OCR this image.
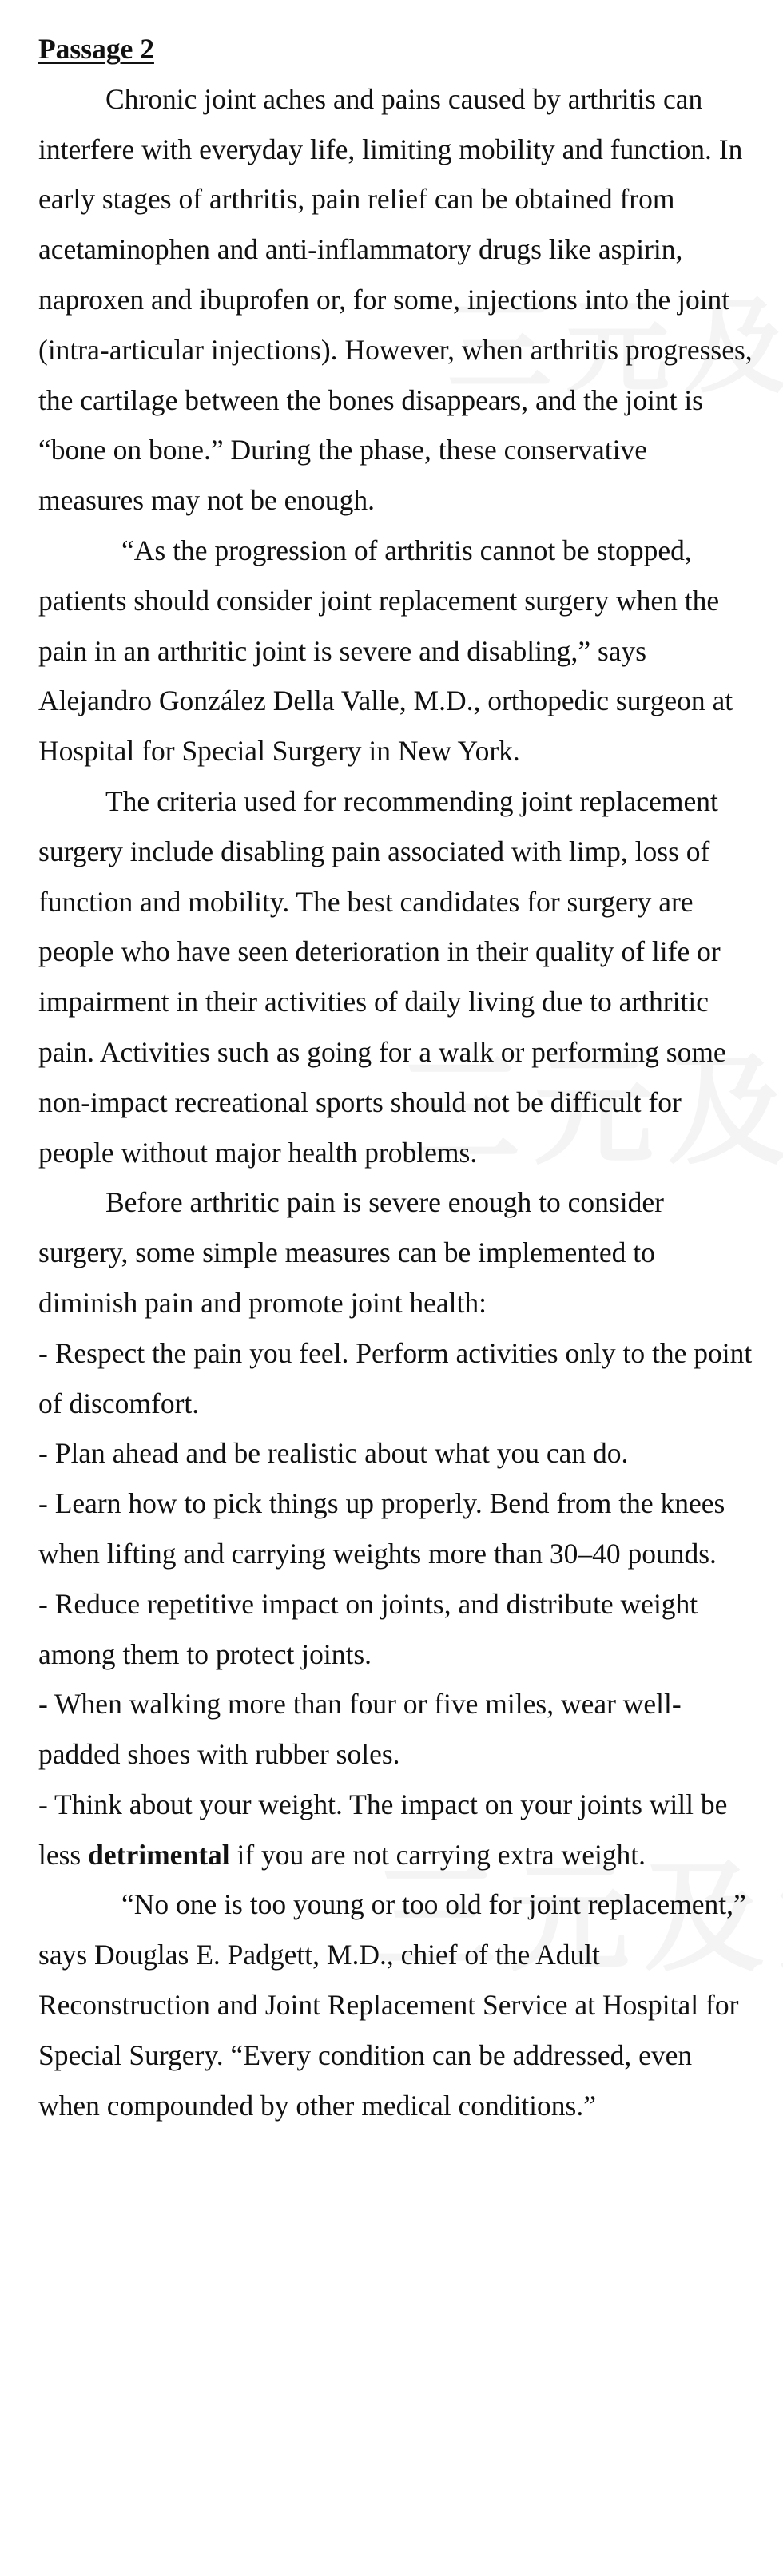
Passage 2

Chronic joint aches and pains caused by arthritis can interfere with everyday life, limiting mobility and function. In early stages of arthritis, pain relief can be obtained from acetaminophen and anti-inflammatory drugs like aspirin, naproxen and ibuprofen or, for some, injections into the joint (intra-articular injections). However, when arthritis progresses, the cartilage between the bones disappears, and the joint is “bone on bone.” During the phase, these conservative measures may not be enough.

“As the progression of arthritis cannot be stopped, patients should consider joint replacement surgery when the pain in an arthritic joint is severe and disabling,” says Alejandro González Della Valle, M.D., orthopedic surgeon at Hospital for Special Surgery in New York.

The criteria used for recommending joint replacement surgery include disabling pain associated with limp, loss of function and mobility. The best candidates for surgery are people who have seen deterioration in their quality of life or impairment in their activities of daily living due to arthritic pain. Activities such as going for a walk or performing some non-impact recreational sports should not be difficult for people without major health problems.

Before arthritic pain is severe enough to consider surgery, some simple measures can be implemented to diminish pain and promote joint health:

- Respect the pain you feel. Perform activities only to the point of discomfort.

- Plan ahead and be realistic about what you can do.

- Learn how to pick things up properly. Bend from the knees when lifting and carrying weights more than 30–40 pounds.

- Reduce repetitive impact on joints, and distribute weight among them to protect joints.

- When walking more than four or five miles, wear well-padded shoes with rubber soles.

- Think about your weight. The impact on your joints will be less detrimental if you are not carrying extra weight.

“No one is too young or too old for joint replacement,” says Douglas E. Padgett, M.D., chief of the Adult Reconstruction and Joint Replacement Service at Hospital for Special Surgery. “Every condition can be addressed, even when compounded by other medical conditions.”
